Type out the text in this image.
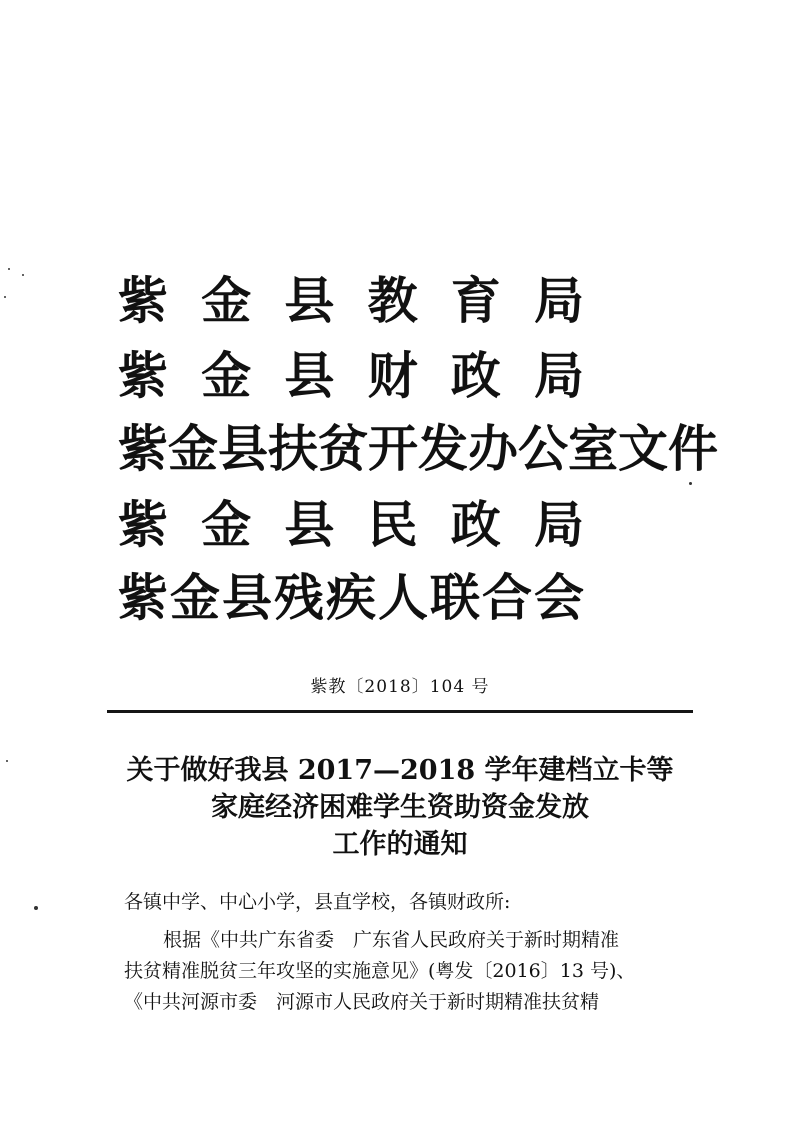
紫 金 县 教 育 局
紫 金 县 财 政 局
紫 金 县 扶 贫 开 发 办 公 室 文 件
紫 金 县 民 政 局
紫 金 县 残 疾 人 联 合 会
紫教〔2018〕104 号
关于做好我县 2017—2018 学年建档立卡等
家庭经济困难学生资助资金发放
工作的通知
各镇中学、中心小学，县直学校，各镇财政所:
根据《中共广东省委　广东省人民政府关于新时期精准
扶贫精准脱贫三年攻坚的实施意见》(粤发〔2016〕13 号)、
《中共河源市委　河源市人民政府关于新时期精准扶贫精
